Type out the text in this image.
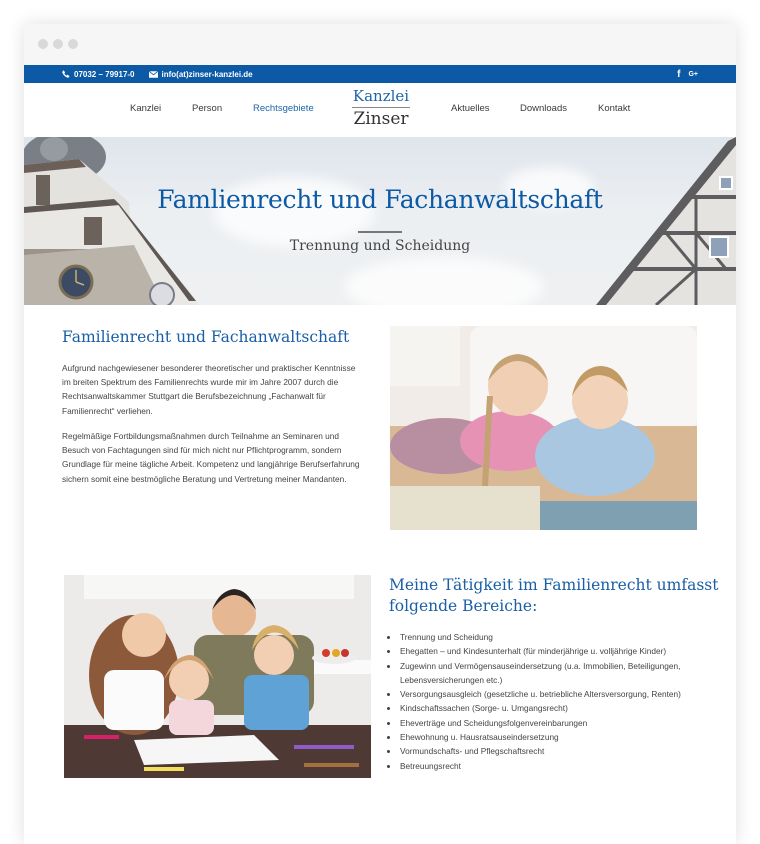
07032 – 79917-0	info(at)zinser-kanzlei.de	f G+
Kanzlei	Person	Rechtsgebiete
Kanzlei
Zinser
Aktuelles	Downloads	Kontakt
Famlienrecht und Fachanwaltschaft
Trennung und Scheidung
Familienrecht und Fachanwaltschaft

Aufgrund nachgewiesener besonderer theoretischer und praktischer Kenntnisse im breiten Spektrum des Familienrechts wurde mir im Jahre 2007 durch die Rechtsanwaltskammer Stuttgart die Berufsbezeichnung „Fachanwalt für Familienrecht“ verliehen.

Regelmäßige Fortbildungsmaßnahmen durch Teilnahme an Seminaren und Besuch von Fachtagungen sind für mich nicht nur Pflichtprogramm, sondern Grundlage für meine tägliche Arbeit. Kompetenz und langjährige Berufserfahrung sichern somit eine bestmögliche Beratung und Vertretung meiner Mandanten.

Meine Tätigkeit im Familienrecht umfasst folgende Bereiche:
• Trennung und Scheidung
• Ehegatten – und Kindesunterhalt (für minderjährige u. volljährige Kinder)
• Zugewinn und Vermögensauseindersetzung (u.a. Immobilien, Beteiligungen, Lebensversicherungen etc.)
• Versorgungsausgleich (gesetzliche u. betriebliche Altersversorgung, Renten)
• Kindschaftssachen (Sorge- u. Umgangsrecht)
• Eheverträge und Scheidungsfolgenvereinbarungen
• Ehewohnung u. Hausratsauseindersetzung
• Vormundschafts- und Pflegschaftsrecht
• Betreuungsrecht
